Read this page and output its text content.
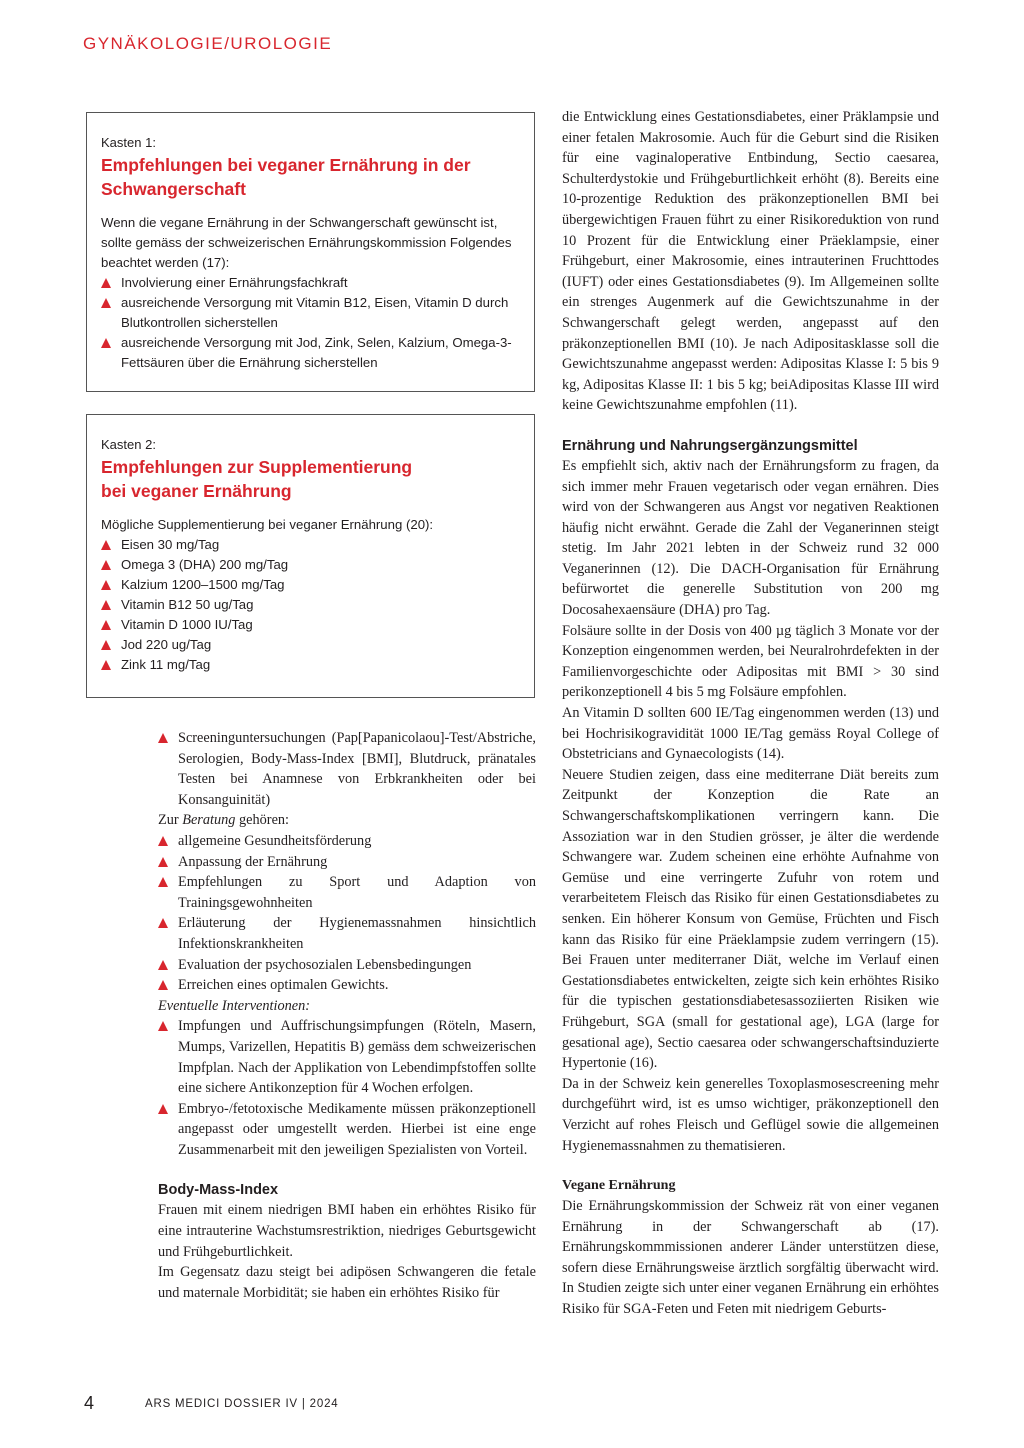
GYNÄKOLOGIE/UROLOGIE
Kasten 1:
Empfehlungen bei veganer Ernährung in der
Schwangerschaft

Wenn die vegane Ernährung in der Schwangerschaft gewünscht ist, sollte gemäss der schweizerischen Ernährungskommission Folgendes beachtet werden (17):

Involvierung einer Ernährungsfachkraft
ausreichende Versorgung mit Vitamin B12, Eisen, Vitamin D durch Blutkontrollen sicherstellen
ausreichende Versorgung mit Jod, Zink, Selen, Kalzium, Omega-3-Fettsäuren über die Ernährung sicherstellen
Kasten 2:
Empfehlungen zur Supplementierung
bei veganer Ernährung

Mögliche Supplementierung bei veganer Ernährung (20):

Eisen 30 mg/Tag
Omega 3 (DHA) 200 mg/Tag
Kalzium 1200–1500 mg/Tag
Vitamin B12 50 ug/Tag
Vitamin D 1000 IU/Tag
Jod 220 ug/Tag
Zink 11 mg/Tag
Screeninguntersuchungen (Pap[Papanicolaou]-Test/Abstriche, Serologien, Body-Mass-Index [BMI], Blutdruck, pränatales Testen bei Anamnese von Erbkrankheiten oder bei Konsanguinität)

Zur Beratung gehören:

allgemeine Gesundheitsförderung
Anpassung der Ernährung
Empfehlungen zu Sport und Adaption von Trainingsgewohnheiten
Erläuterung der Hygienemassnahmen hinsichtlich Infektionskrankheiten
Evaluation der psychosozialen Lebensbedingungen
Erreichen eines optimalen Gewichts.

Eventuelle Interventionen:

Impfungen und Auffrischungsimpfungen (Röteln, Masern, Mumps, Varizellen, Hepatitis B) gemäss dem schweizerischen Impfplan. Nach der Applikation von Lebendimpfstoffen sollte eine sichere Antikonzeption für 4 Wochen erfolgen.
Embryo-/fetotoxische Medikamente müssen präkonzeptionell angepasst oder umgestellt werden. Hierbei ist eine enge Zusammenarbeit mit den jeweiligen Spezialisten von Vorteil.

Body-Mass-Index

Frauen mit einem niedrigen BMI haben ein erhöhtes Risiko für eine intrauterine Wachstumsrestriktion, niedriges Geburtsgewicht und Frühgeburtlichkeit.

Im Gegensatz dazu steigt bei adipösen Schwangeren die fetale und maternale Morbidität; sie haben ein erhöhtes Risiko für

die Entwicklung eines Gestationsdiabetes, einer Präklampsie und einer fetalen Makrosomie. Auch für die Geburt sind die Risiken für eine vaginaloperative Entbindung, Sectio caesarea, Schulterdystokie und Frühgeburtlichkeit erhöht (8). Bereits eine 10-prozentige Reduktion des präkonzeptionellen BMI bei übergewichtigen Frauen führt zu einer Risikoreduktion von rund 10 Prozent für die Entwicklung einer Präeklampsie, einer Frühgeburt, einer Makrosomie, eines intrauterinen Fruchttodes (IUFT) oder eines Gestationsdiabetes (9). Im Allgemeinen sollte ein strenges Augenmerk auf die Gewichtszunahme in der Schwangerschaft gelegt werden, angepasst auf den präkonzeptionellen BMI (10). Je nach Adipositasklasse soll die Gewichtszunahme angepasst werden: Adipositas Klasse I: 5 bis 9 kg, Adipositas Klasse II: 1 bis 5 kg; beiAdipositas Klasse III wird keine Gewichtszunahme empfohlen (11).

Ernährung und Nahrungsergänzungsmittel

Es empfiehlt sich, aktiv nach der Ernährungsform zu fragen, da sich immer mehr Frauen vegetarisch oder vegan ernähren. Dies wird von der Schwangeren aus Angst vor negativen Reaktionen häufig nicht erwähnt. Gerade die Zahl der Veganerinnen steigt stetig. Im Jahr 2021 lebten in der Schweiz rund 32 000 Veganerinnen (12). Die DACH-Organisation für Ernährung befürwortet die generelle Substitution von 200 mg Docosahexaensäure (DHA) pro Tag.

Folsäure sollte in der Dosis von 400 µg täglich 3 Monate vor der Konzeption eingenommen werden, bei Neuralrohrdefekten in der Familienvorgeschichte oder Adipositas mit BMI > 30 sind perikonzeptionell 4 bis 5 mg Folsäure empfohlen.

An Vitamin D sollten 600 IE/Tag eingenommen werden (13) und bei Hochrisikogravidität 1000 IE/Tag gemäss Royal College of Obstetricians and Gynaecologists (14).

Neuere Studien zeigen, dass eine mediterrane Diät bereits zum Zeitpunkt der Konzeption die Rate an Schwangerschaftskomplikationen verringern kann. Die Assoziation war in den Studien grösser, je älter die werdende Schwangere war. Zudem scheinen eine erhöhte Aufnahme von Gemüse und eine verringerte Zufuhr von rotem und verarbeitetem Fleisch das Risiko für einen Gestationsdiabetes zu senken. Ein höherer Konsum von Gemüse, Früchten und Fisch kann das Risiko für eine Präeklampsie zudem verringern (15). Bei Frauen unter mediterraner Diät, welche im Verlauf einen Gestationsdiabetes entwickelten, zeigte sich kein erhöhtes Risiko für die typischen gestationsdiabetesassoziierten Risiken wie Frühgeburt, SGA (small for gestational age), LGA (large for gesational age), Sectio caesarea oder schwangerschaftsinduzierte Hypertonie (16).

Da in der Schweiz kein generelles Toxoplasmosescreening mehr durchgeführt wird, ist es umso wichtiger, präkonzeptionell den Verzicht auf rohes Fleisch und Geflügel sowie die allgemeinen Hygienemassnahmen zu thematisieren.

Vegane Ernährung

Die Ernährungskommission der Schweiz rät von einer veganen Ernährung in der Schwangerschaft ab (17). Ernährungskommmissionen anderer Länder unterstützen diese, sofern diese Ernährungsweise ärztlich sorgfältig überwacht wird. In Studien zeigte sich unter einer veganen Ernährung ein erhöhtes Risiko für SGA-Feten und Feten mit niedrigem Geburts-

4	ARS MEDICI DOSSIER IV | 2024
